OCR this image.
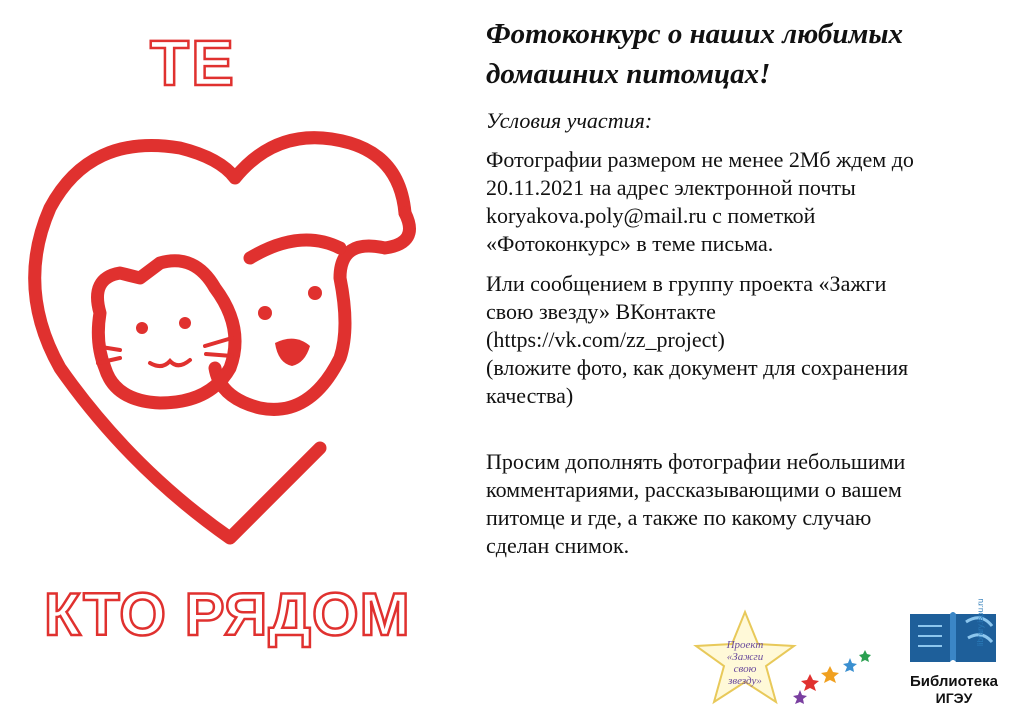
ТЕ
КТО РЯДОМ

Фотоконкурс о наших любимых
домашних питомцах!

Условия участия:

Фотографии размером не менее 2Мб ждем до
20.11.2021 на адрес электронной почты
koryakova.poly@mail.ru с пометкой
«Фотоконкурс» в теме письма.

Или сообщением в группу проекта «Зажги
свою звезду» ВКонтакте
(https://vk.com/zz_project)
(вложите фото, как документ для сохранения
качества)

Просим дополнять фотографии небольшими
комментариями, рассказывающими о вашем
питомце и где, а также по какому случаю
сделан снимок.

Проект
«Зажги
свою
звезду»
library.ispu.ru
Библиотека
ИГЭУ
